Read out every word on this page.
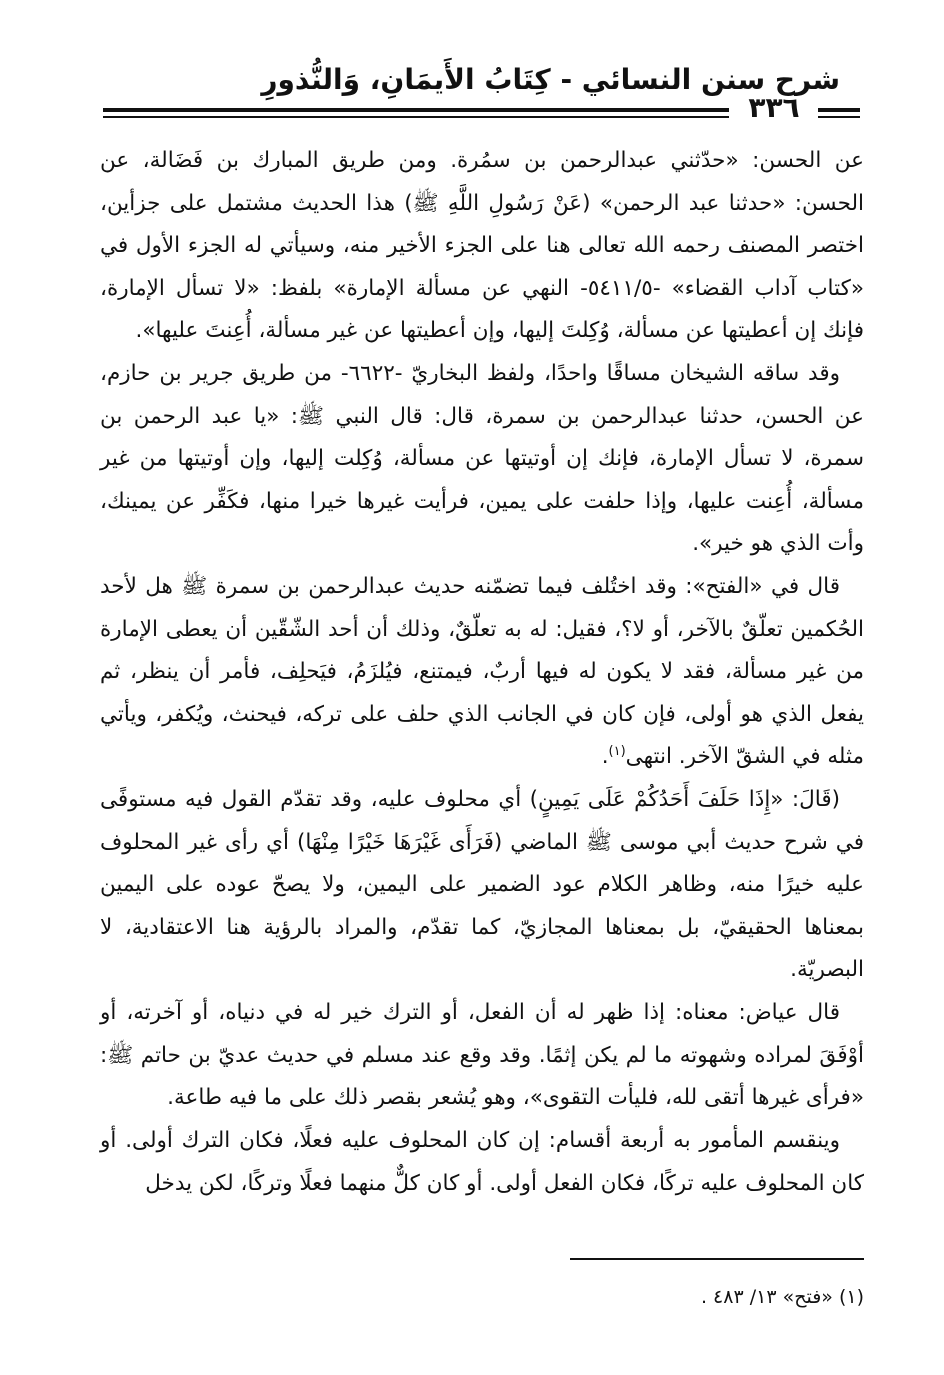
شرح سنن النسائي - كِتَابُ الأَيمَانِ، وَالنُّذورِ
٣٣٦

عن الحسن: «حدّثني عبدالرحمن بن سمُرة. ومن طريق المبارك بن فَضَالة، عن الحسن: «حدثنا عبد الرحمن» (عَنْ رَسُولِ اللَّهِ ﷺ) هذا الحديث مشتمل على جزأين، اختصر المصنف رحمه الله تعالى هنا على الجزء الأخير منه، وسيأتي له الجزء الأول في «كتاب آداب القضاء» -٥٤١١/٥- النهي عن مسألة الإمارة» بلفظ: «لا تسأل الإمارة، فإنك إن أعطيتها عن مسألة، وُكِلتَ إليها، وإن أعطيتها عن غير مسألة، أُعِنتَ عليها».

وقد ساقه الشيخان مساقًا واحدًا، ولفظ البخاريّ -٦٦٢٢- من طريق جرير بن حازم، عن الحسن، حدثنا عبدالرحمن بن سمرة، قال: قال النبي ﷺ: «يا عبد الرحمن بن سمرة، لا تسأل الإمارة، فإنك إن أوتيتها عن مسألة، وُكِلت إليها، وإن أوتيتها من غير مسألة، أُعِنت عليها، وإذا حلفت على يمين، فرأيت غيرها خيرا منها، فكَفِّر عن يمينك، وأت الذي هو خير».

قال في «الفتح»: وقد اختُلف فيما تضمّنه حديث عبدالرحمن بن سمرة ﷺ هل لأحد الحُكمين تعلّقٌ بالآخر، أو لا؟، فقيل: له به تعلّقٌ، وذلك أن أحد الشّقّين أن يعطى الإمارة من غير مسألة، فقد لا يكون له فيها أربٌ، فيمتنع، فيُلزَمُ، فيَحلِف، فأمر أن ينظر، ثم يفعل الذي هو أولى، فإن كان في الجانب الذي حلف على تركه، فيحنث، ويُكفر، ويأتي مثله في الشقّ الآخر. انتهى$^{(١)}$.

(قَالَ: «إِذَا حَلَفَ أَحَدُكُمْ عَلَى يَمِينٍ) أي محلوف عليه، وقد تقدّم القول فيه مستوفًى في شرح حديث أبي موسى ﷺ الماضي (فَرَأَى غَيْرَهَا خَيْرًا مِنْهَا) أي رأى غير المحلوف عليه خيرًا منه، وظاهر الكلام عود الضمير على اليمين، ولا يصحّ عوده على اليمين بمعناها الحقيقيّ، بل بمعناها المجازيّ، كما تقدّم، والمراد بالرؤية هنا الاعتقادية، لا البصريّة.

قال عياض: معناه: إذا ظهر له أن الفعل، أو الترك خير له في دنياه، أو آخرته، أو أوْفَقَ لمراده وشهوته ما لم يكن إثمًا. وقد وقع عند مسلم في حديث عديّ بن حاتم ﷺ: «فرأى غيرها أتقى لله، فليأت التقوى»، وهو يُشعر بقصر ذلك على ما فيه طاعة.

وينقسم المأمور به أربعة أقسام: إن كان المحلوف عليه فعلًا، فكان الترك أولى. أو كان المحلوف عليه تركًا، فكان الفعل أولى. أو كان كلٌّ منهما فعلًا وتركًا، لكن يدخل

(١) «فتح» ١٣/ ٤٨٣ .
